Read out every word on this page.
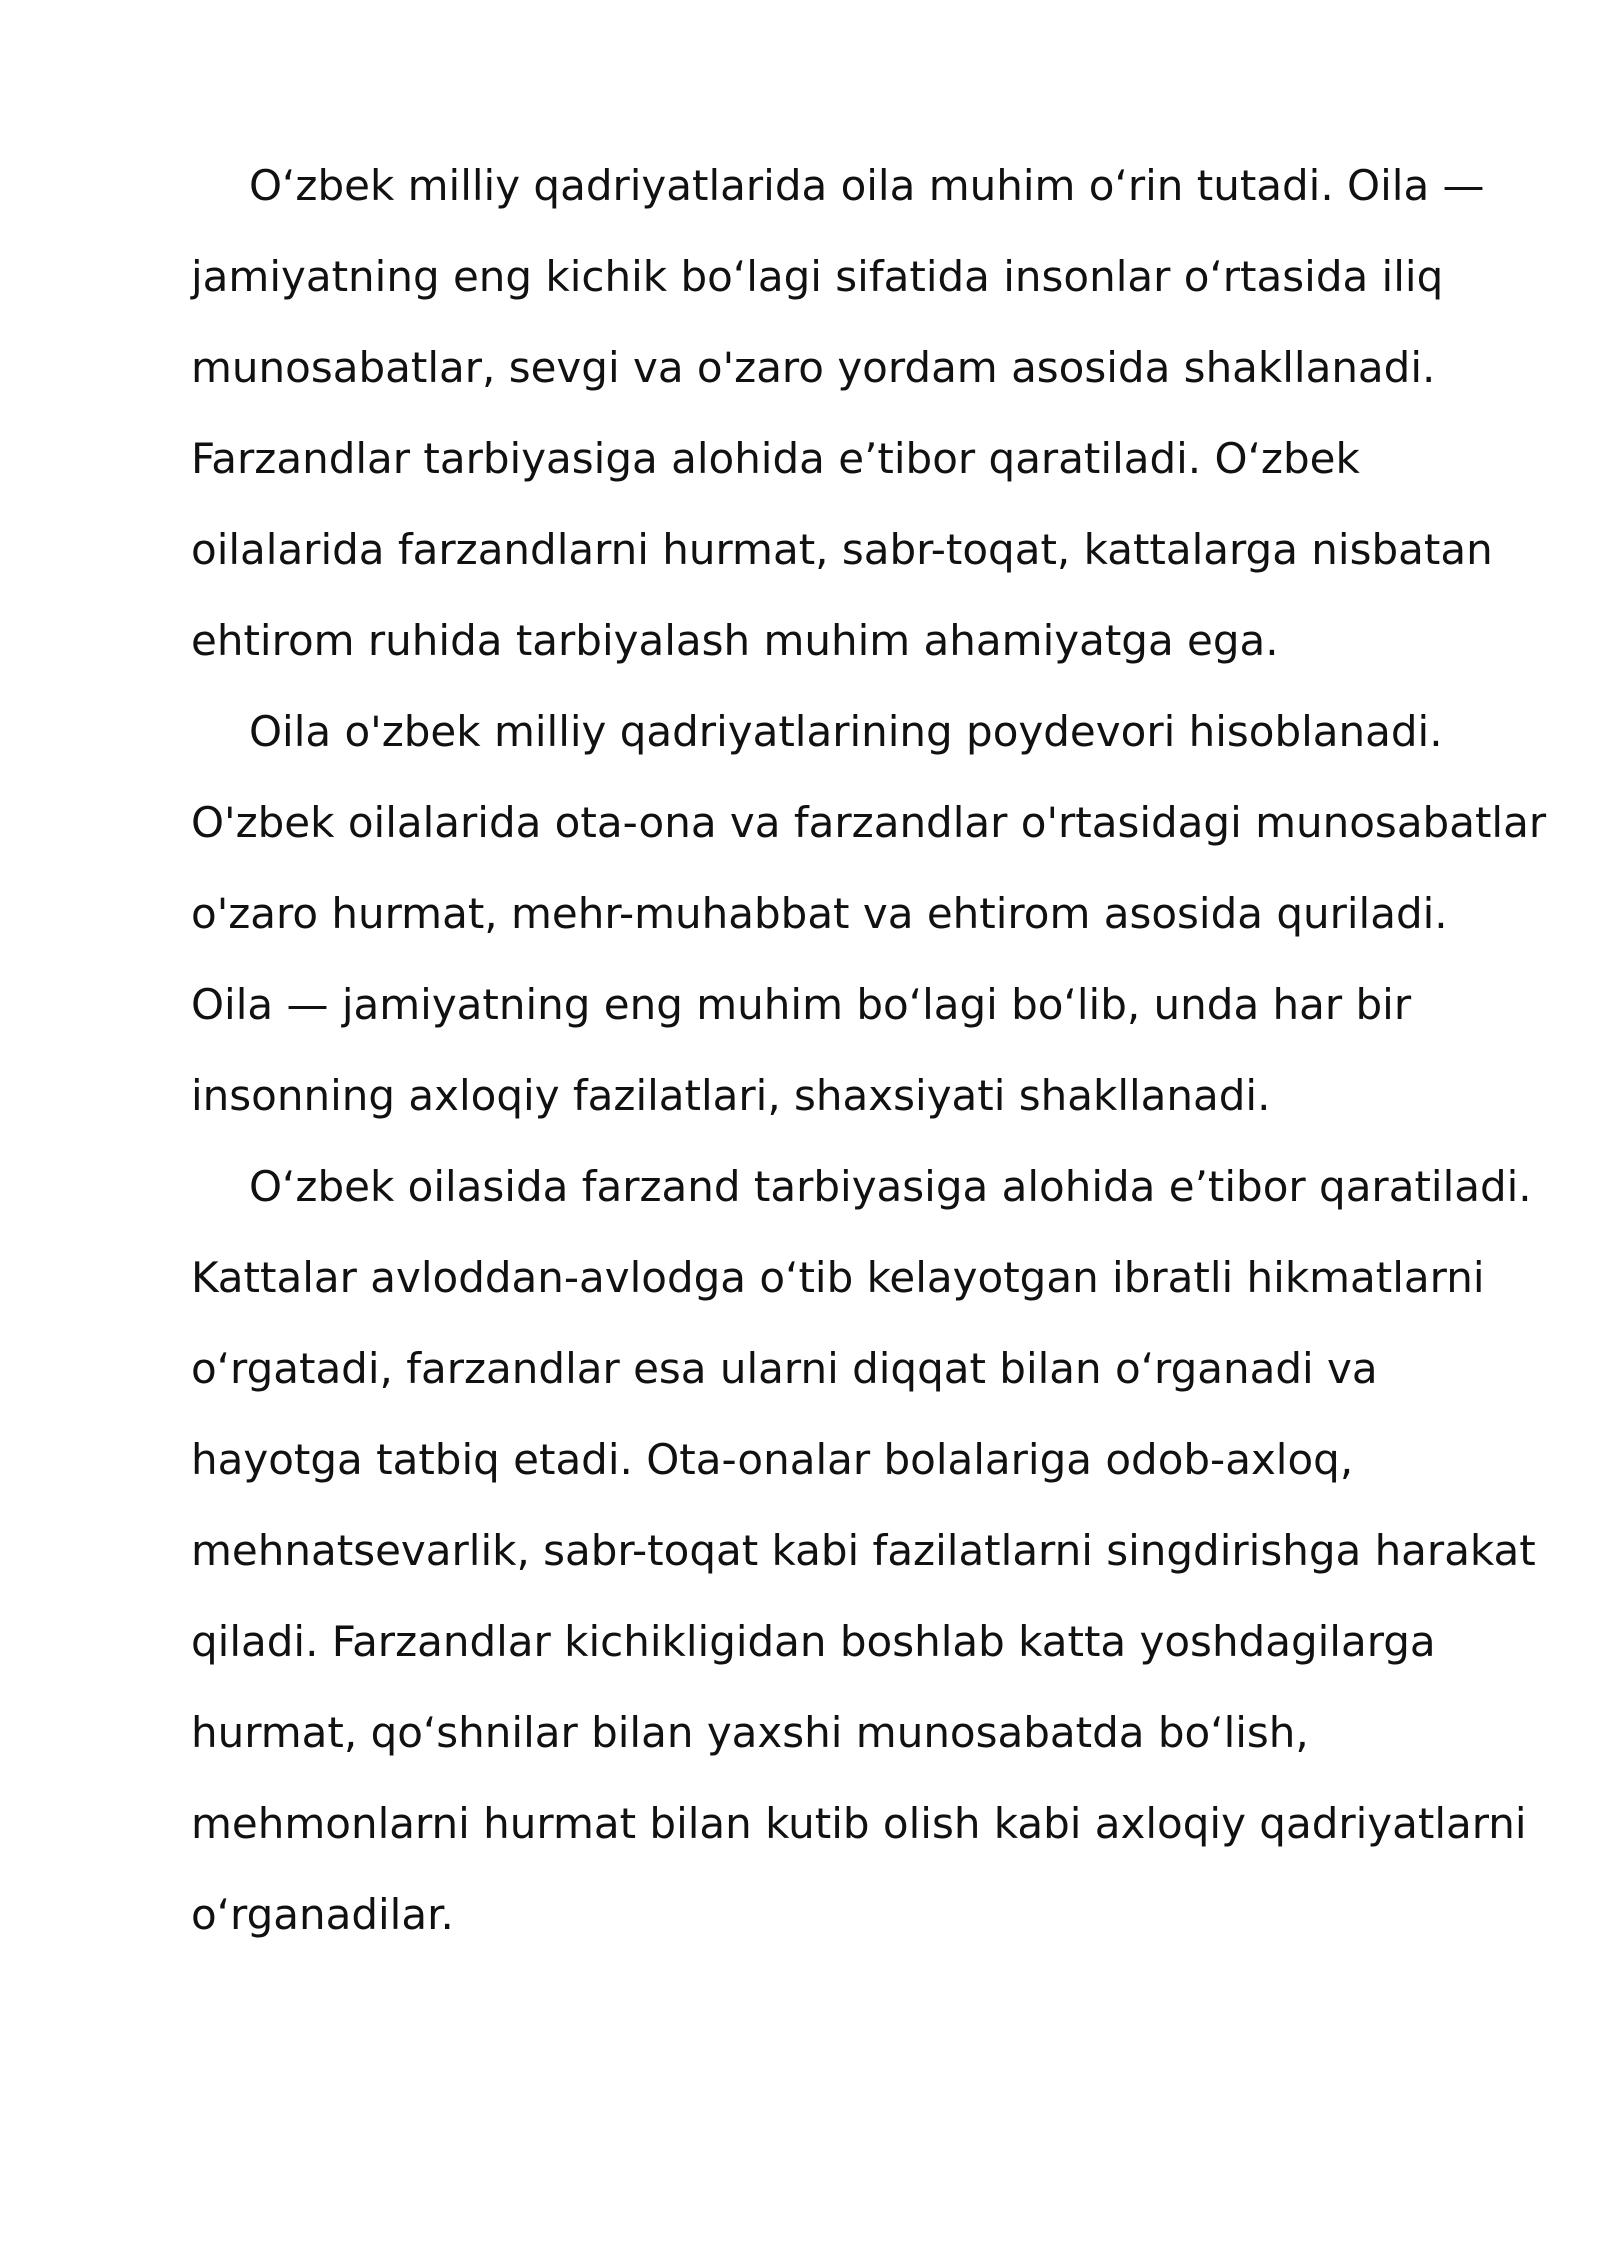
O‘zbek milliy qadriyatlarida oila muhim o‘rin tutadi. Oila —
jamiyatning eng kichik bo‘lagi sifatida insonlar o‘rtasida iliq
munosabatlar, sevgi va o'zaro yordam asosida shakllanadi.
Farzandlar tarbiyasiga alohida e’tibor qaratiladi. O‘zbek
oilalarida farzandlarni hurmat, sabr-toqat, kattalarga nisbatan
ehtirom ruhida tarbiyalash muhim ahamiyatga ega.
Oila o'zbek milliy qadriyatlarining poydevori hisoblanadi.
O'zbek oilalarida ota-ona va farzandlar o'rtasidagi munosabatlar
o'zaro hurmat, mehr-muhabbat va ehtirom asosida quriladi.
Oila — jamiyatning eng muhim bo‘lagi bo‘lib, unda har bir
insonning axloqiy fazilatlari, shaxsiyati shakllanadi.
O‘zbek oilasida farzand tarbiyasiga alohida e’tibor qaratiladi.
Kattalar avloddan-avlodga o‘tib kelayotgan ibratli hikmatlarni
o‘rgatadi, farzandlar esa ularni diqqat bilan o‘rganadi va
hayotga tatbiq etadi. Ota-onalar bolalariga odob-axloq,
mehnatsevarlik, sabr-toqat kabi fazilatlarni singdirishga harakat
qiladi. Farzandlar kichikligidan boshlab katta yoshdagilarga
hurmat, qo‘shnilar bilan yaxshi munosabatda bo‘lish,
mehmonlarni hurmat bilan kutib olish kabi axloqiy qadriyatlarni
o‘rganadilar.
